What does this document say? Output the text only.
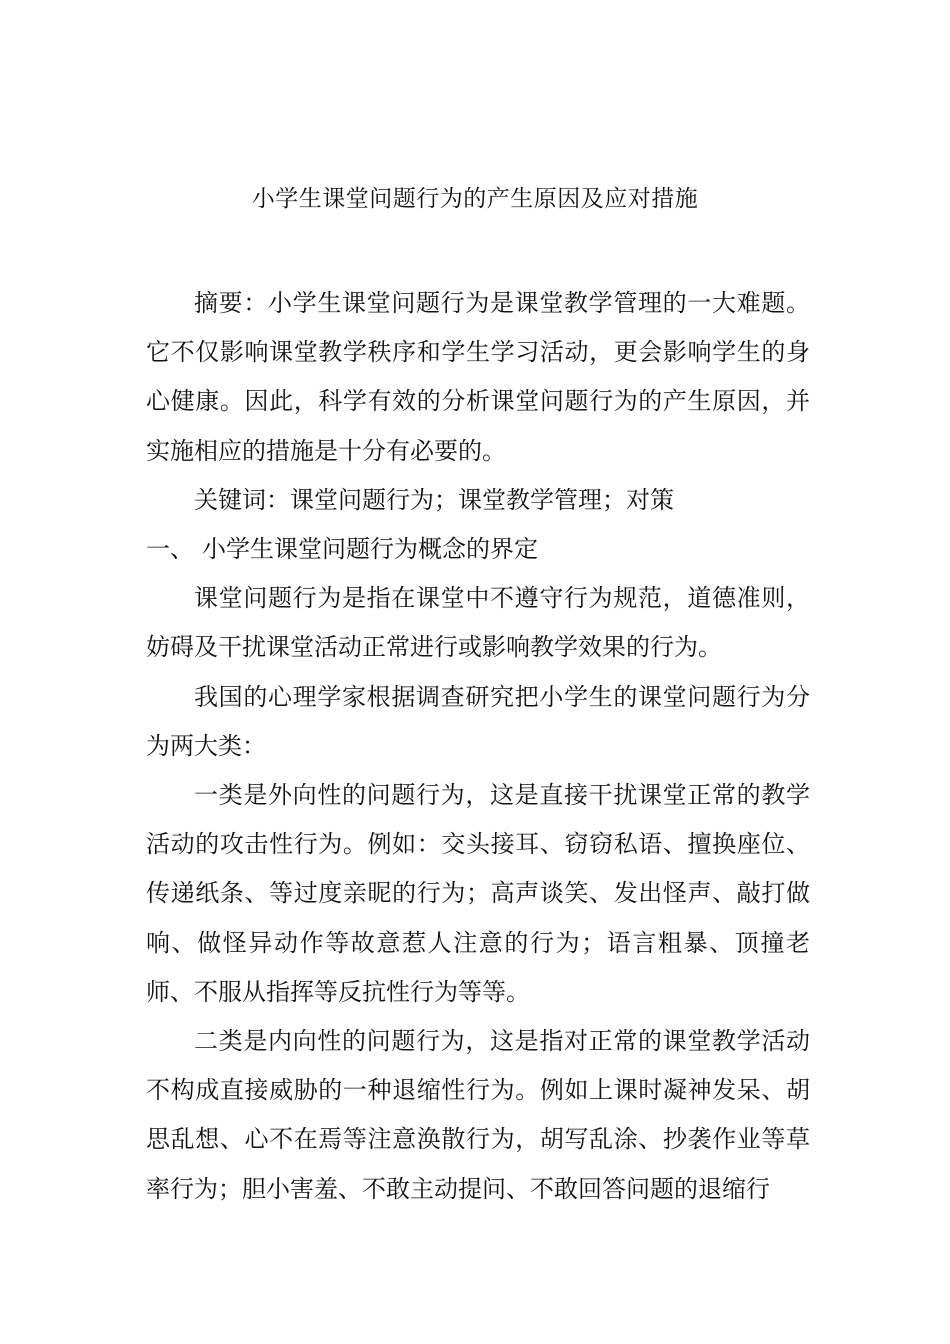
小学生课堂问题行为的产生原因及应对措施

摘要：小学生课堂问题行为是课堂教学管理的一大难题。它不仅影响课堂教学秩序和学生学习活动，更会影响学生的身心健康。因此，科学有效的分析课堂问题行为的产生原因，并实施相应的措施是十分有必要的。

关键词：课堂问题行为；课堂教学管理；对策

一、 小学生课堂问题行为概念的界定

课堂问题行为是指在课堂中不遵守行为规范，道德准则，妨碍及干扰课堂活动正常进行或影响教学效果的行为。

我国的心理学家根据调查研究把小学生的课堂问题行为分为两大类：

一类是外向性的问题行为，这是直接干扰课堂正常的教学活动的攻击性行为。例如：交头接耳、窃窃私语、擅换座位、传递纸条、等过度亲昵的行为；高声谈笑、发出怪声、敲打做响、做怪异动作等故意惹人注意的行为；语言粗暴、顶撞老师、不服从指挥等反抗性行为等等。

二类是内向性的问题行为，这是指对正常的课堂教学活动不构成直接威胁的一种退缩性行为。例如上课时凝神发呆、胡思乱想、心不在焉等注意涣散行为，胡写乱涂、抄袭作业等草率行为；胆小害羞、不敢主动提问、不敢回答问题的退缩行
